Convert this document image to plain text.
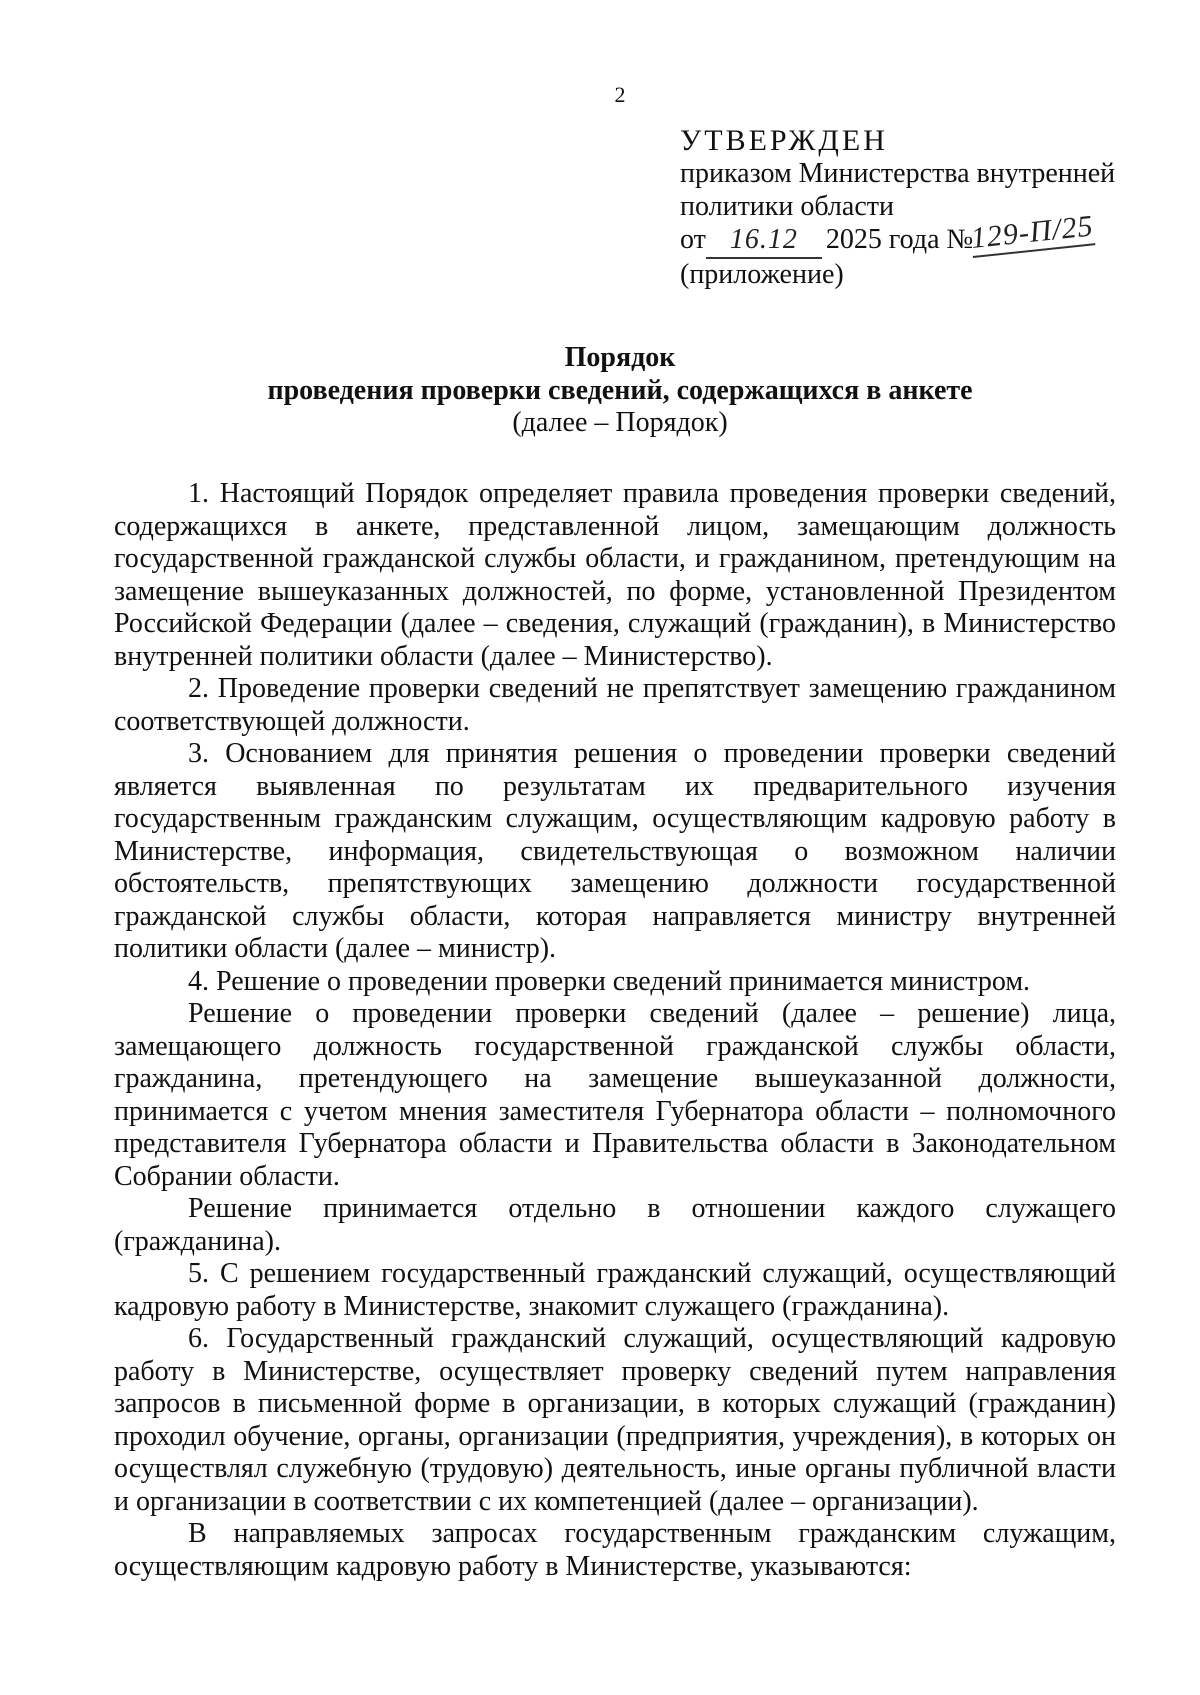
2
УТВЕРЖДЕН
приказом Министерства внутренней
политики области
от 16.12 2025 года №129-П/25
(приложение)
Порядок
проведения проверки сведений, содержащихся в анкете
(далее – Порядок)

1. Настоящий Порядок определяет правила проведения проверки сведений, содержащихся в анкете, представленной лицом, замещающим должность государственной гражданской службы области, и гражданином, претендующим на замещение вышеуказанных должностей, по форме, установленной Президентом Российской Федерации (далее – сведения, служащий (гражданин), в Министерство внутренней политики области (далее – Министерство).

2. Проведение проверки сведений не препятствует замещению гражданином соответствующей должности.

3. Основанием для принятия решения о проведении проверки сведений является выявленная по результатам их предварительного изучения государственным гражданским служащим, осуществляющим кадровую работу в Министерстве, информация, свидетельствующая о возможном наличии обстоятельств, препятствующих замещению должности государственной гражданской службы области, которая направляется министру внутренней политики области (далее – министр).

4. Решение о проведении проверки сведений принимается министром.

Решение о проведении проверки сведений (далее – решение) лица, замещающего должность государственной гражданской службы области, гражданина, претендующего на замещение вышеуказанной должности, принимается с учетом мнения заместителя Губернатора области – полномочного представителя Губернатора области и Правительства области в Законодательном Собрании области.

Решение принимается отдельно в отношении каждого служащего (гражданина).

5. С решением государственный гражданский служащий, осуществляющий кадровую работу в Министерстве, знакомит служащего (гражданина).

6. Государственный гражданский служащий, осуществляющий кадровую работу в Министерстве, осуществляет проверку сведений путем направления запросов в письменной форме в организации, в которых служащий (гражданин) проходил обучение, органы, организации (предприятия, учреждения), в которых он осуществлял служебную (трудовую) деятельность, иные органы публичной власти и организации в соответствии с их компетенцией (далее – организации).

В направляемых запросах государственным гражданским служащим, осуществляющим кадровую работу в Министерстве, указываются:
